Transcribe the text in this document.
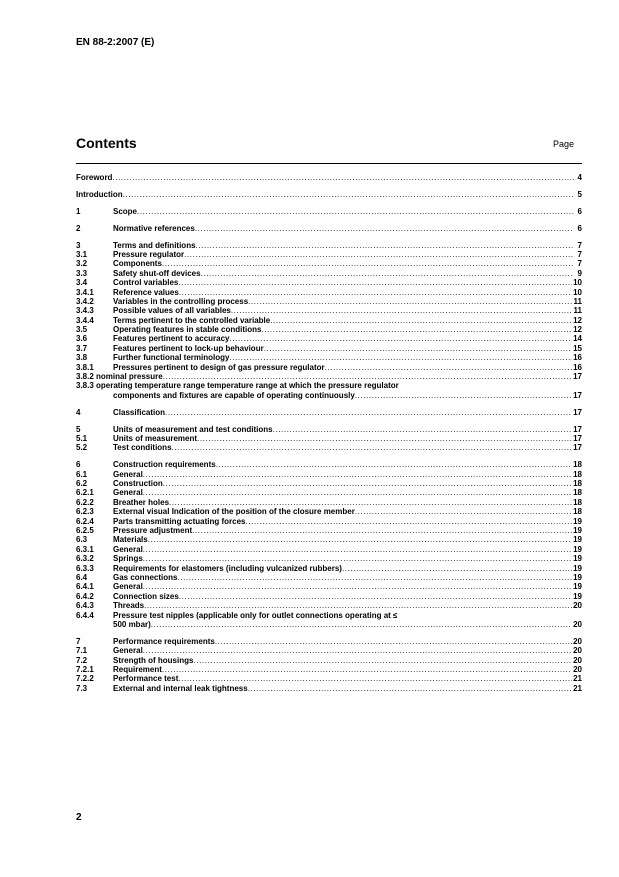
EN 88-2:2007 (E)
Contents	Page
Foreword .....	4
Introduction .....	5
1	Scope .....	6
2	Normative references .....	6
3	Terms and definitions .....	7
3.1	Pressure regulator .....	7
3.2	Components .....	7
3.3	Safety shut-off devices .....	9
3.4	Control variables .....	10
3.4.1 Reference values .....	10
3.4.2 Variables in the controlling process .....	11
3.4.3 Possible values of all variables .....	11
3.4.4 Terms pertinent to the controlled variable .....	12
3.5	Operating features in stable conditions .....	12
3.6	Features pertinent to accuracy .....	14
3.7	Features pertinent to lock-up behaviour .....	15
3.8	Further functional terminology .....	16
3.8.1 Pressures pertinent to design of gas pressure regulator .....	16
3.8.2 nominal pressure .....	17
3.8.3 operating temperature range temperature range at which the pressure regulator
components and fixtures are capable of operating continuously .....	17
4	Classification .....	17
5	Units of measurement and test conditions .....	17
5.1	Units of measurement .....	17
5.2	Test conditions .....	17
6	Construction requirements .....	18
6.1	General .....	18
6.2	Construction .....	18
6.2.1 General .....	18
6.2.2 Breather holes .....	18
6.2.3 External visual Indication of the position of the closure member .....	18
6.2.4 Parts transmitting actuating forces .....	19
6.2.5 Pressure adjustment .....	19
6.3	Materials .....	19
6.3.1 General .....	19
6.3.2 Springs .....	19
6.3.3 Requirements for elastomers (including vulcanized rubbers) .....	19
6.4	Gas connections .....	19
6.4.1 General .....	19
6.4.2 Connection sizes .....	19
6.4.3 Threads .....	20
6.4.4 Pressure test nipples (applicable only for outlet connections operating at ≤
500 mbar) .....	20
7	Performance requirements .....	20
7.1	General .....	20
7.2	Strength of housings .....	20
7.2.1 Requirement .....	20
7.2.2 Performance test .....	21
7.3	External and internal leak tightness .....	21
2
